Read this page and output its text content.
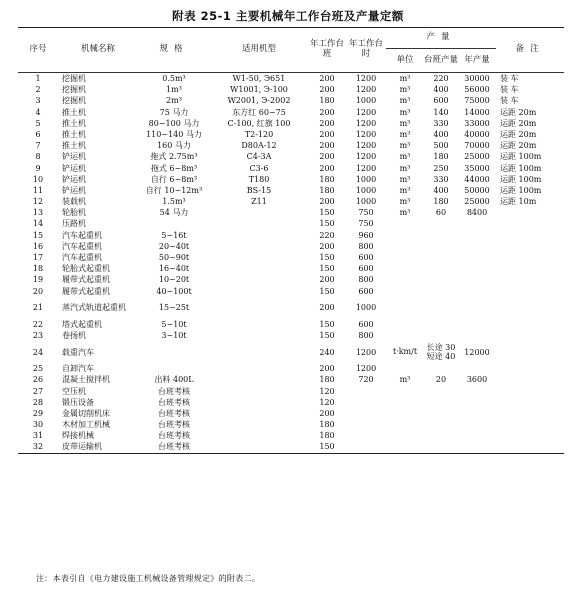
附表 25-1 主要机械年工作台班及产量定额
序号	机械名称	规格	适用机型	年工作台班	年工作台时	产量			备注
						单位	台班产量	年产量	
1	挖掘机	0.5m³	W1-50, Э651	200	1200	m³	220	30000	装 车
2	挖掘机	1m³	W1001, Э-100	200	1200	m³	400	56000	装 车
3	挖掘机	2m³	W2001, Э-2002	180	1000	m³	600	75000	装 车
4	推土机	75 马力	东方红 60~75	200	1200	m³	140	14000	运距 20m
5	推土机	80~100 马力	C-100, 红旗 100	200	1200	m³	330	33000	运距 20m
6	推土机	110~140 马力	T2-120	200	1200	m³	400	40000	运距 20m
7	推土机	160 马力	D80A-12	200	1200	m³	500	70000	运距 20m
8	铲运机	拖式 2.75m³	C4-3A	200	1200	m³	180	25000	运距 100m
9	铲运机	拖式 6~8m³	C3-6	200	1200	m³	250	35000	运距 100m
10	铲运机	自行 6~8m³	T180	180	1000	m³	330	44000	运距 100m
11	铲运机	自行 10~12m³	BS-15	180	1000	m³	400	50000	运距 100m
12	装载机	1.5m³	Z11	200	1000	m³	180	25000	运距 10m
13	轮胎机	54 马力		150	750	m³	60	8400	
14	压路机			150	750				
15	汽车起重机	5~16t		220	960				
16	汽车起重机	20~40t		200	800				
17	汽车起重机	50~90t		150	600				
18	轮胎式起重机	16~40t		150	600				
19	履带式起重机	10~20t		200	800				
20	履带式起重机	40~100t		150	600				
21	蒸汽式轨道起重机	15~25t		200	1000				
22	塔式起重机	5~10t		150	600				
23	卷扬机	3~10t		150	800				
24	载重汽车			240	1200	t·km/t	长途 30 短途 40	12000	
25	自卸汽车			200	1200				
26	混凝土搅拌机	出料 400L		180	720	m³	20	3600	
27	空压机	台班考核		120					
28	锻压设备	台班考核		120					
29	金属切削机床	台班考核		200					
30	木材加工机械	台班考核		180					
31	焊接机械	台班考核		180					
32	皮带运输机	台班考核		150					
注：本表引自《电力建设施工机械设备管理规定》的附表二。
